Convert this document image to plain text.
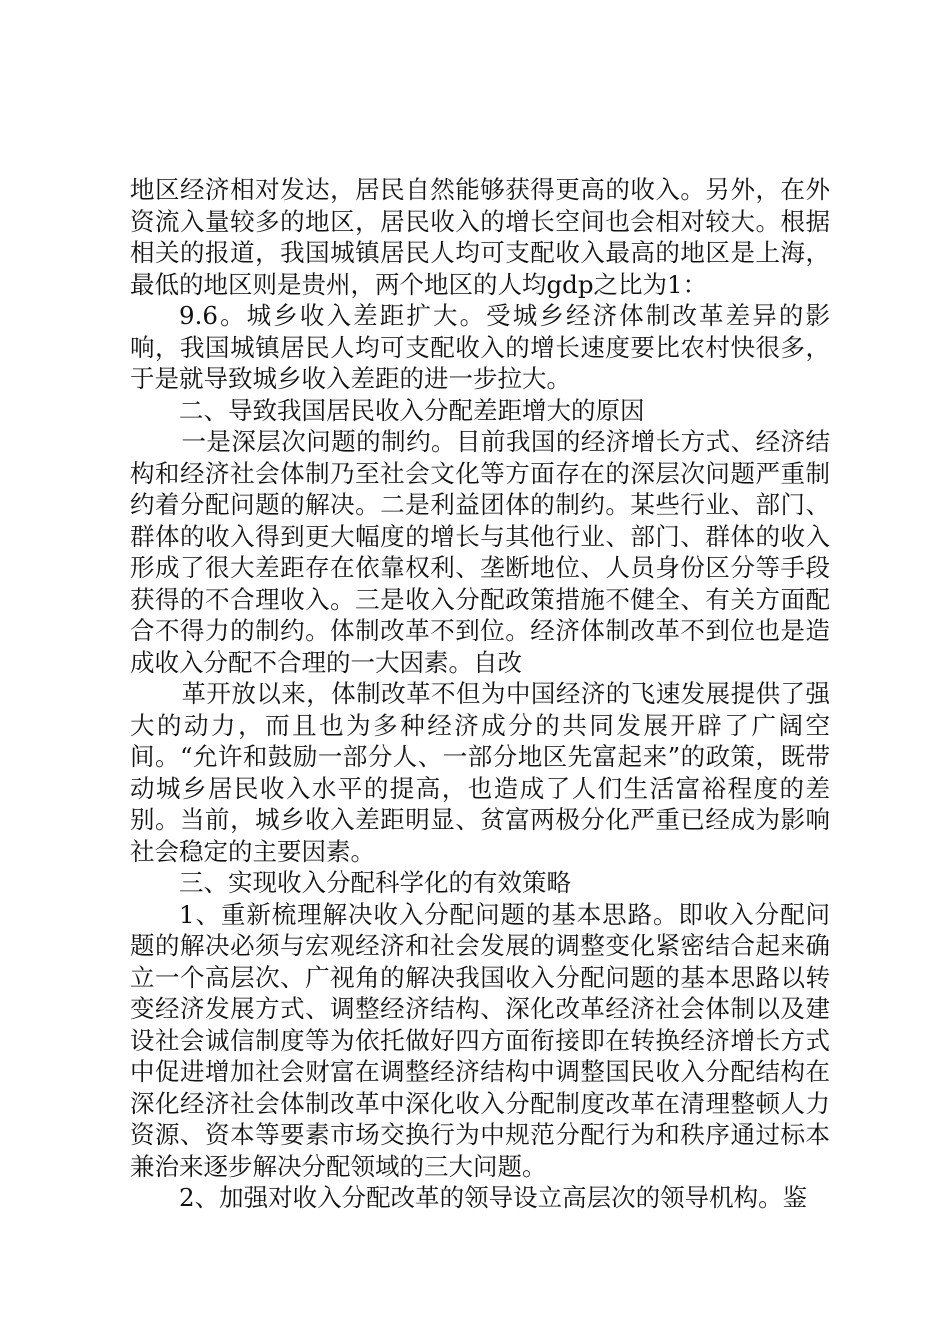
地区经济相对发达，居民自然能够获得更高的收入。另外，在外资流入量较多的地区，居民收入的增长空间也会相对较大。根据相关的报道，我国城镇居民人均可支配收入最高的地区是上海，最低的地区则是贵州，两个地区的人均gdp之比为1：

9.6。城乡收入差距扩大。受城乡经济体制改革差异的影响，我国城镇居民人均可支配收入的增长速度要比农村快很多，于是就导致城乡收入差距的进一步拉大。

二、导致我国居民收入分配差距增大的原因

一是深层次问题的制约。目前我国的经济增长方式、经济结构和经济社会体制乃至社会文化等方面存在的深层次问题严重制约着分配问题的解决。二是利益团体的制约。某些行业、部门、群体的收入得到更大幅度的增长与其他行业、部门、群体的收入形成了很大差距存在依靠权利、垄断地位、人员身份区分等手段获得的不合理收入。三是收入分配政策措施不健全、有关方面配合不得力的制约。体制改革不到位。经济体制改革不到位也是造成收入分配不合理的一大因素。自改

革开放以来，体制改革不但为中国经济的飞速发展提供了强大的动力，而且也为多种经济成分的共同发展开辟了广阔空间。“允许和鼓励一部分人、一部分地区先富起来”的政策，既带动城乡居民收入水平的提高，也造成了人们生活富裕程度的差别。当前，城乡收入差距明显、贫富两极分化严重已经成为影响社会稳定的主要因素。

三、实现收入分配科学化的有效策略

1、重新梳理解决收入分配问题的基本思路。即收入分配问题的解决必须与宏观经济和社会发展的调整变化紧密结合起来确立一个高层次、广视角的解决我国收入分配问题的基本思路以转变经济发展方式、调整经济结构、深化改革经济社会体制以及建设社会诚信制度等为依托做好四方面衔接即在转换经济增长方式中促进增加社会财富在调整经济结构中调整国民收入分配结构在深化经济社会体制改革中深化收入分配制度改革在清理整顿人力资源、资本等要素市场交换行为中规范分配行为和秩序通过标本兼治来逐步解决分配领域的三大问题。

2、加强对收入分配改革的领导设立高层次的领导机构。鉴
